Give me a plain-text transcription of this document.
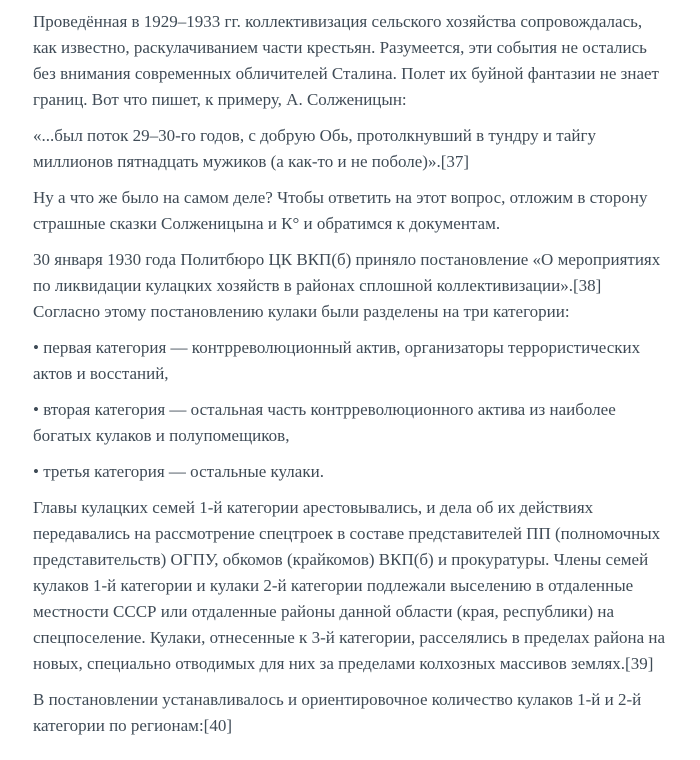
Проведённая в 1929–1933 гг. коллективизация сельского хозяйства сопровождалась, как известно, раскулачиванием части крестьян. Разумеется, эти события не остались без внимания современных обличителей Сталина. Полет их буйной фантазии не знает границ. Вот что пишет, к примеру, А. Солженицын:

«...был поток 29–30-го годов, с добрую Обь, протолкнувший в тундру и тайгу миллионов пятнадцать мужиков (а как-то и не поболе)».[37]

Ну а что же было на самом деле? Чтобы ответить на этот вопрос, отложим в сторону страшные сказки Солженицына и К° и обратимся к документам.

30 января 1930 года Политбюро ЦК ВКП(б) приняло постановление «О мероприятиях по ликвидации кулацких хозяйств в районах сплошной коллективизации».[38] Согласно этому постановлению кулаки были разделены на три категории:

• первая категория — контрреволюционный актив, организаторы террористических актов и восстаний,

• вторая категория — остальная часть контрреволюционного актива из наиболее богатых кулаков и полупомещиков,

• третья категория — остальные кулаки.

Главы кулацких семей 1-й категории арестовывались, и дела об их действиях передавались на рассмотрение спецтроек в составе представителей ПП (полномочных представительств) ОГПУ, обкомов (крайкомов) ВКП(б) и прокуратуры. Члены семей кулаков 1-й категории и кулаки 2-й категории подлежали выселению в отдаленные местности СССР или отдаленные районы данной области (края, республики) на спецпоселение. Кулаки, отнесенные к 3-й категории, расселялись в пределах района на новых, специально отводимых для них за пределами колхозных массивов землях.[39]

В постановлении устанавливалось и ориентировочное количество кулаков 1-й и 2-й категории по регионам:[40]
